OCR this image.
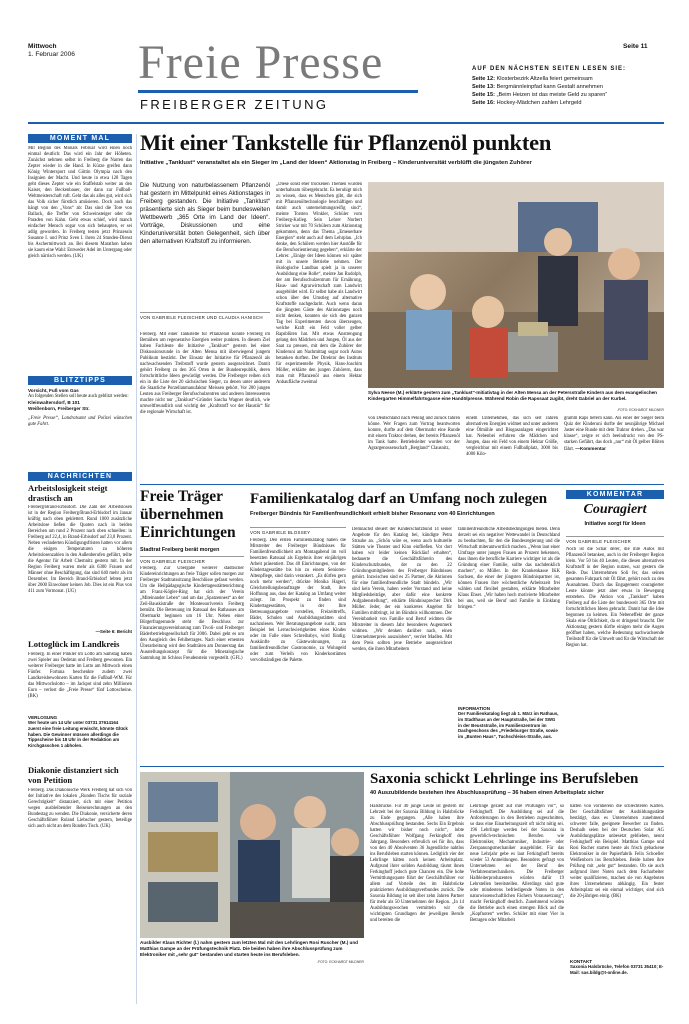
Mittwoch
1. Februar 2006 Freie Presse
FREIBERGER ZEITUNG
Seite 11
AUF DEN NÄCHSTEN SEITEN LESEN SIE:
Seite 12: Klosterbezirk Altzella feiert gemeinsam
Seite 13: Bergmännleinpfad kann Gestalt annehmen
Seite 15: „Beim Heizen ist das meiste Geld zu sparen“
Seite 16: Hockey-Mädchen zahlen Lehrgeld
MOMENT MAL
Mit Beginn des Monats Februar wird einen noch einmal deutlich: Das wird ein Jahr der Höheten. Zunächst nehmen selbst in Freiberg die Narren das Zepter wieder in die Hand. In Kürze greifen dann König Wintersport und Göttin Olympia nach den Insignien der Macht. Und heute in etwa 128 Tagen geht dieses Zepter wie ein Staffelstab weiter an den Kaiser, den Beckenbauer, der dann zur Fußball-Weltmeisterschaft ruft. Geht das als alles gut, wird sich das Volk sicher fürstlich amüsieren. Doch auch das hängt von den „Vons“ ab: Das sind die Tore von Ballack, die Treffer von Schweinsteiger oder die Paraden von Kahn. Geht etwas schief, wird manch einfacher Mensch sogar von sich behaupten, er sei adlig geworden. In Freiberg testen jetzt Prinzessin Susanne I. und Prinz Sven I. ihren 24 Stunden-Dienst bis Aschermittwoch an. Bei diesem Marathon haben sie kaum eine Wahl: Entweder Adel im Untergang oder gleich närrisch werden. (UK)
BLITZTIPPS
Vorsicht, Fuß vom Gas
An folgenden Stellen soll heute auch geblitzt werden:
Kleinwaltersdorf, B 101
Weißenborn, Freiberger Str.
„Freie Presse“, Landratsamt und Polizei wünschen gute Fahrt.
NACHRICHTEN
Arbeitslosigkeit steigt drastisch an
Freiberg/Brand-Erbisdorf. Die Zahl der Arbeitslosen ist in der Region Freiberg/Brand-Erbisdorf im Januar kräftig nach oben geklettert. Rund 1000 zusätzliche Arbeitslose ließen die Quoten nach in beiden Bereichen um rund 2 Prozent nach oben schnellen: in Freiberg auf 22,4, in Brand-Erbisdorf auf 23,0 Prozent. Neben veränderten Kündigungsfristen hatten vor allem die eisigen Temperaturen zu höheren Arbeitslosenzahlen in den Außenberufen geführt, teilte die Agentur für Arbeit Chemnitz gestern mit. In der Region Freiberg waren mehr als 6300 Frauen und Männer ohne Beschäftigung, das sind 640 mehr als im Dezember. Im Bereich Brand-Erbisdorf lebten jetzt über 2600 Einwohner keinen Job. Dies ist ein Plus von 411 zum Vormonat. (UG)
—Seite 6: Bericht
Lottoglück im Landkreis
Freiberg. In einer Pinkler im Lotto am Samstag haben zwei Spieler aus Oederan und Freiberg gewonnen. Ein weiterer Freiberger hatte im Lotto am Mittwoch einen Fünfer. Fortuna beschenkte zudem zwei Landkreisbewohnern Karten für die Fußball-WM. Für das Mittwochslotto – im Jackpot sind zehn Millionen Euro – verlost die „Freie Presse“ fünf Lottoscheine. (BK)
VERLOSUNG
Wer heute um 14 Uhr unter 03731 37614164 zuerst eine freie Leitung erwischt, könnte Glück haben. Die Gewinner müssen allerdings die Tippscheine bis 18 Uhr in der Redaktion am Kirchgässchen 1 abholen.
Diakonie distanziert sich von Petition
Freiberg. Das Diakonische Werk Freiberg hat sich von der Initiative des lokalen „Runden Tischs für soziale Gerechtigkeit“ distanziert, sich mit einer Petition wegen ausbleibender Reisenrechnungen an den Bundestag zu wenden. Die Diakonie, versicherte deren Geschäftsführer Roland Liebscher gestern, beteilige sich auch nicht an dem Runden Tisch. (UK)
Mit einer Tankstelle für Pflanzenöl punkten
Initiative „Tanklust“ veranstaltet als ein Sieger im „Land der Ideen“ Aktionstag in Freiberg – Kinderuniversität verblüfft die jüngsten Zuhörer
Die Nutzung von naturbelassenem Pflanzenöl hat gestern im Mittelpunkt eines Aktionstages in Freiberg gestanden. Die Initiative „Tanklust“ präsentierte sich als Sieger beim bundesweiten Wettbewerb „365 Orte im Land der Ideen“. Vorträge, Diskussionen und eine Kinderuniversität boten Gelegenheit, sich über den alternativen Kraftstoff zu informieren.
VON GABRIELE FLEISCHER UND CLAUDIA HANISCH
Freiberg. Mit einer Tankstelle für Pflanzenöl könnte Freiberg im Bemühen um regenerative Energien weiter punkten. In diesem Ziel haben Fachleute die Initiative „Tanklust“ gestern bei einer Diskussionsrunde in der Alten Mensa mit überwiegend jungem Publikum bestärkt. Der Einsatz der Initiative für Pflanzenöl als nachwachsenden Treibstoff wurde gestern ausgezeichnet. Damit gehört Freiberg zu den 365 Orten in der Bundesrepublik, deren fortschrittliche Ideen gewürdigt werden. Die Freiberger reihen sich ein in die Liste der 20 sächsischen Sieger, zu denen unter anderem die Staatliche Porzellanmanufaktur Meissen gehört. Vor 200 jungen Leuten aus Freiberger Berufsschulzentren und anderen Interessenten machte nicht nur „Tanklust“-Gründer Sascha Wagner deutlich, wie umweltfreundlich und wichtig der „Kraftstoff vor der Haustür“ für die regionale Wirtschaft ist.
„Diese sonst eher trockenen Themen wurden unterhaltsam rübergebracht. Es beruhigt mich zu wissen, dass es Menschen gibt, die sich mit Pflanzenöltechnologie beschäftigen und damit auch unternehmungsreifig sind“, meinte Torsten Winkler, Schüler vom Freiberg-Kolleg. Sein Lehrer Norbert Stricker war mit 70 Schülern zum Aktionstag gekommen, denn das Thema „Emeuerbare Energien“ steht auch auf dem Lehrplan. „Ich denke, den Schülern werden hier Anstöße für die Berufsorientierung gegeben“, erklärte der Lehrer. „Einige der Ideen können wir später mit in unsere Betriebe nehmen. Der ökologische Landbau spielt ja in unserer Ausbildung eine Rolle“, meinte Jan Rudolph, der am Berufsschulzentrum für Ernährung, Haus- und Agrarwirtschaft zum Landwirt ausgebildet wird. Er selbst habe als Landwirt schon über den Umstieg auf alternative Kraftstoffe nachgedacht. Auch wenn daran die jüngsten Gäste des Aktionstages noch nicht denken, konnten sie sich den ganzen Tag bei Experimenten davon überzeugen, welche Kraft ein Feld voller gelber Rapsblüten hat. Mit etwas Anstrengung gelang den Mädchen und Jungen, Öl aus der Saat zu pressen, mit dem die Zuhörer der Kinderuni am Nachmittag sogar noch Autos betanken durften. Der Direktor des Instituts für experimentelle Physik, Hans-Joachim Möller, erklärte den jungen Zuhörern, dass man mit Pflanzenöl aus einem Hektar Anbaufläche zweimal
Sylva Neese (M.) erklärte gestern zum „Tanklust“-Initiativtag in der Alten Mensa an der Petersstraße Kindern aus dem evangelischen Kindergarten Himmelfahrtsgasse eine Handölpresse. Während Robin die Rapssaat zugibt, dreht Gabriel an der Kurbel.
-FOTO: ECKHARDT MILDNER
von Deutschland nach Peking und zurück fahren könne. Wer Fragen zum Vortrag beantworten konnte, durfte auf dem Obermarkt eine Runde mit einem Traktor drehen, der bereits Pflanzenöl im Tank hatte. Betriebsleiter wurden vor der Agrargenossenschaft „Bergland“ Clausnitz,
einem Unternehmen, das sich seit Jahren alternativen Energien widmet und unter anderem eine Ölmühle und Biogasanlagen eingerichtet hat. Nebenbei erfuhren die Mädchen und Jungen, dass ein Feld von einem Hektar Größe, vergleichbar mit einem Fußballplatz, 3000 bis 4000 Kilo-
gramm Raps liefern kann. Als einer der Sieger beim Quiz der Kinderuni durfte der neunjährige Michael Jaster eine Runde mit dem Traktor drehen. „Das war klasse“, zeigte er sich beeindruckt von den PS-starken Gefährt, das doch „nur“ mit Öl gelber Blüten fährt. —Kommentar
Freie Träger übernehmen Einrichtungen
Stadtrat Freiberg berät morgen
VON GABRIELE FLEISCHER
Freiberg. Zur Übergabe weiterer städtischer Kindereinrichtungen an freie Träger sollen morgen zur Freiberger Stadtratssitzung Beschlüsse gefasst werden. Um die Heilpädagogische Kindertagesstättenrichtung am Franz-Kögler-Ring hat sich der Verein „Miteinander Leben“ und um das „Spatzennest“ an der Zeil-Bauskistraße der Montessoriverein Freiberg bemüht. Die Betreuung im Ratssaal des Rathauses am Obermarkt beginnen um 16 Uhr. Neben einer Bürgerfragestunde steht die Beschluss zur Finanzierungsvereinbarung zum Tivoli- und Freiberger Bäderbetriebsgesellschaft für 2006. Dabei geht es um den Ausgleich des Fehlbetrages. Nach einer erneuten Überarbeitung wird den Stadträten am Donnerstag das Ausstellungskonzept für die Mineralogische Sammlung im Schloss Freudenstein vorgestellt. (GFL)
Familienkatalog darf an Umfang noch zulegen
Freiberger Bündnis für Familienfreundlichkeit erhielt bisher Resonanz von 40 Einrichtungen
VON GABRIELE BLOSSEY
Freiberg. Den ersten Familienkatalog haben die Mitstreiter des Freiberger Bündnisses für Familienfreundlichkeit am Montagabend im voll besetzten Ratssaal als Ergebnis ihrer einjährigen Arbeit präsentiert. Das 40 Einrichtungen, von der Kindertagesstätte bis hin zu einem Senioren-Altenpflege, sind darin verankert. „Es dürfen gern noch mehr werden“, drückte Monika Hagerl, Gleichstellungsbeauftragte der Stadt, ihre Hoffnung aus, dass der Katalog an Umfang weiter zulegt. Im Prospekt zu finden sind Kindertagesstätten, in der Ihre Betreuungsangebote vorstellen, Freizeittreffs, Bäder, Schulen und Ausbildungsstätten sind nachzulesen. Wer Beratungsangebote sucht, zum Beispiel bei Lernschwierigkeiten eines Kindes oder im Falle eines Schreibabys, wird fündig. Auskünfte zu Gästewohnungen, zu familienfreundlicher Gastronomie, zu Wohngeld oder zum Verleih von Kinderkostümen vervollständigen die Palette.
Demnächst steuert der Kinderschutzbund 14 seiner Angebote für den Katalog bei, kündigte Petra Strauhe an. „Schön wäre es, wenn auch kulturelle Stätten wie Theater und Kino einfließen. Vor dort haben wir leider keinen Rückläuf erhalten“, bedauerte die Geschäftsführerin des Kinderschutzbundes, der zu den 22 Gründungsmitgliedern des Freiberger Bündnisses gehört. Inzwischen sind es 25 Partner, die Aktionen für eine familienfreundliche Stadt bündeln. „Wir sind kein Verein, haben weder Vorstand und keine Mitgliedsbeiträge, aber dafür eine konkrete Aufgabenstellung“, erklärte Bündnissprecher Dirk Müller. Jeder, der ein konkretes Angebot für Familien mitbringt, ist im Bündnis willkommen. Der Vereinbarkeit von Familie und Beruf widmen die Mitstreiter in diesem Jahr besonderes Augenmerk widmen. „Wir denken darüber nach, einen Unternehmerpreis auszuloben“, verriet Madlen. Mit dem Preis sollten jene Betriebe ausgezeichnet werden, die ihren Mitarbeitern
familienfreundliche Arbeitsbedingungen bieten. Denn derzeit sei ein negativer Wettewandel in Deutschland zu beobachten, für den die Bundesregierung und die Wirtschaft miterantwortlich machen. „Wenn laut einer Umfrage unter jungen Frauen an Prozent bekennen, dass ihnen die berufliche Karriere wichtiger ist als die Gründung einer Familie, sollte das nachdenklich machen“, so Müller. In der Krankenkasse IKK Sachsen, die einer der jüngsten Bündnispartner ist, können Frauen ihre wöchentliche Arbeitszeit frei wählen und flexibel gestalten, erklärte Mitarbeiter Klaus Ehser. „Wir haben hoch motivierte Mitarbeiter bei uns, weil sie Beruf und Familie in Einklang bringen.“
INFORMATION
Der Familienkatalog liegt ab 1. März im Rathaus, im Stadthaus an der Hauptstraße, bei der SWG in der Beuststraße, im Familienzentrum im Dachgeschoss des „Friedeburger Straße, sowie im „Bunten Haus“, Tuchschleiss-Straße, aus.
KOMMENTAR
Couragiert
Initiative sorgt für Ideen
VON GABRIELE FLEISCHER
Noch ist die Schar derer, die ihre Autos mit Pflanzenöl betanken, auch in der Freiberger Region klein. Vor 50 bis 40 Leuten, die diesen alternativen Kraftstoff in der Region nutzen, war gestern die Rede. Das Unternehmen Soli fer, das seinen gesamten Fuhrpark mit Öl fährt, gehört noch zu den Ausnahmen. Durch das Engagement couragierter Leute könnte jetzt aber etwas in Bewegung entstehen. Die Aktion von „Tanklust“ haben Freiberg auf die Liste der bundesweit 365 Orte mit fortschrittlichen Ideen gebracht. Damit hat die Idee begonnen zu keimen. Ein Nebeneffekt der ganze Skala eine Öltlichkeit, da er dringend braucht. Der Aktionstag gestern dürfte einigen mehr die Augen geöffnet haben, welche Bedeutung nachwachsende Treibstoff für die Umwelt und für die Wirtschaft der Region hat.
Ausbilder Klaus Richter (l.) nahm gestern zum letzten Mal mit den Lehrlingen Rosi Ruscher (M.) und Matthias Gampe an der Prüfungstechnik Platz. Die beiden haben ihre Abschlussprüfung zum Elektroniker mit „sehr gut“ bestanden und starten heute ins Berufsleben.
-FOTO: ECKHARDT MILDNER
Saxonia schickt Lehrlinge ins Berufsleben
40 Auszubildende bestehen ihre Abschlussprüfung – 36 haben einen Arbeitsplatz sicher
Halsbrücke. Für 40 junge Leute ist gestern ihr Lehrzeit bei der Saxonia Bildung in Halsbrücke zu Ende gegangen. „Alle haben ihre Abschlussprüfung bestanden. Sechs Ein Ergebnis hatten wir bisher noch nicht“, lobte Geschäftsführer Wolfgang Ferkinghoff den Jahrgang. Besonders erfreulich sei für ihn, dass von den 40 Absolventen 36 Jugendliche nahtlos ins Berufsleben starten können. Lediglich vier der Lehrlinge hätten noch keinen Arbeitsplatz. Aufgrund ihrer soliden Ausbildung räumt ihnen Ferkinghoff jedoch gute Chancen ein. Die hohe Vermittlungsquote führt der Geschäftsführer vor allem auf Vorteile des im Halsbrücke praktizierten Ausbildungsverbundes zurück. Die Saxonia Bildung ist seit über zehn Jahren Partner für mehr als 50 Unternehmen der Region. „In 14 Ausbildungswochen vermitteln wir die wichtigsten Grundlagen der jeweiligen Berufe und bereiten die
Lehrlinge gezielt auf ihre Prüfungen vor“, so Ferkinghoff. Die Ausbildung sei auf die Anforderungen in den Betrieben zugeschnitten, so dass eine Einarbeitungszeit oft nicht nötig sei. 196 Lehrlinge werden bei der Saxonia in gewerblich-technischen Berufen wie Elektroniker, Mechatroniker, Industrie- oder Zerspanungsmechaniker ausgebildet. Für das neue Lehrjahr gebe es laut Ferkinghoff bereits wieder 53 Anmeldungen. Besonders gefragt von Unternehmen sei der Beruf des Verfahrensmechanikers. Die Freiberger Halbleiterproduzenten würden dafür 19 Lehrstellen bereitstellen. Allerdings sind gute oder mindestens befriedigende Noten in den naturwissenschaftlichen Fächern Voraussetzung“, macht Ferkinghoff deutlich. Zunehmend würden die Betriebe auch einen strengen Blick auf die „Kopfnoten“ werfen. Schüler mit einer Vier in Betragen oder Mitarbeit
hätten von vornherein die schlechteren Karten. Der Geschäftsführer der Ausbildungsstätte bestätigt, dass es Unternehmen zunehmend schwerer falle, geeignete Bewerber zu finden. Deshalb seien bei der Deutschen Solar AG Ausbildungsplätze unbesetzt geblieben, nennt Ferkinghoff ein Beispiel. Matthias Gampe und Rosi Rucher starten heute als frisch gebackene Elektroniker in der Papierfabrik Felix Schoeller Weißenborn ins Berufsleben. Beide haben ihre Prüfung mit „sehr gut“ bestanden. Ob sie auch aufgrund ihrer Noten nach dem Facharbeiter weiter qualifizieren, machen sie von Angeboten ihres Unternehmens abhängig. Ein fester Arbeitsplatz sei ein einmal wichtiger, sind sich die 20-jährigen einig. (BK)
KONTAKT
Saxonia Halsbrücke, Telefon 03731 35410; E-Mail: sas.bildg@t-online.de.
